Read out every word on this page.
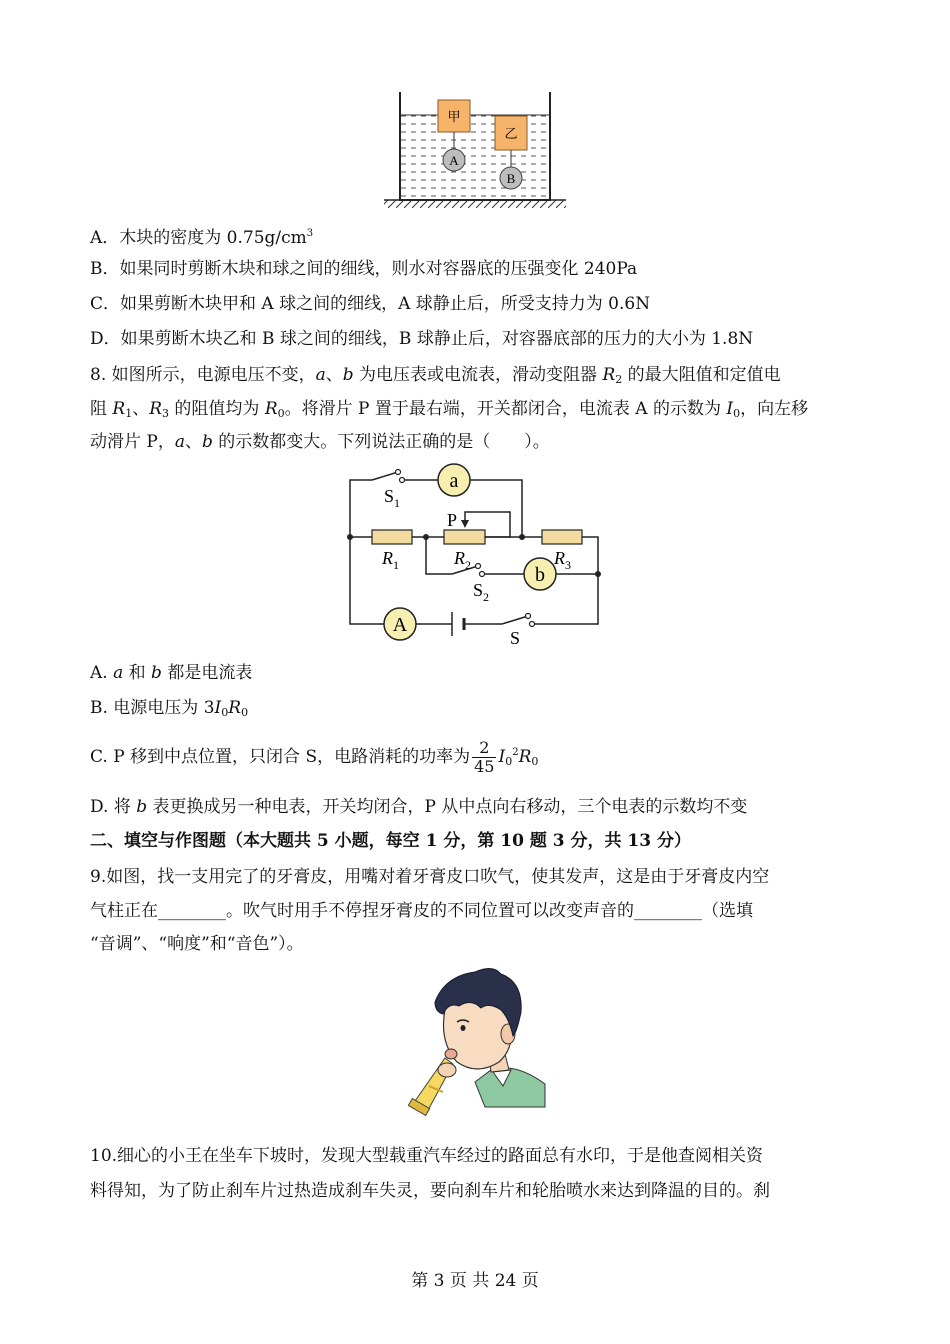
甲
A
乙
B
A．木块的密度为 $0.75g/cm^3$
B．如果同时剪断木块和球之间的细线，则水对容器底的压强变化 240Pa
C．如果剪断木块甲和 A 球之间的细线，A 球静止后，所受支持力为 0.6N
D．如果剪断木块乙和 B 球之间的细线，B 球静止后，对容器底部的压力的大小为 1.8N
8. 如图所示，电源电压不变，a、b 为电压表或电流表，滑动变阻器 $R_2$ 的最大阻值和定值电
阻 $R_1$、$R_3$ 的阻值均为 $R_0$。将滑片 P 置于最右端，开关都闭合，电流表 A 的示数为 $I_0$，向左移
动滑片 P，a、b 的示数都变大。下列说法正确的是（　　）。
a
b
A
$S_1$
P
$R_1$	$R_2$	$R_3$
$S_2$
S
A. a 和 b 都是电流表
B. 电源电压为 $3I_0R_0$
C. P 移到中点位置，只闭合 S，电路消耗的功率为 $\frac{2}{45} I_0^2R_0$
D. 将 b 表更换成另一种电表，开关均闭合，P 从中点向右移动，三个电表的示数均不变
二、填空与作图题（本大题共 5 小题，每空 1 分，第 10 题 3 分，共 13 分）
9.如图，找一支用完了的牙膏皮，用嘴对着牙膏皮口吹气，使其发声，这是由于牙膏皮内空
气柱正在________。吹气时用手不停捏牙膏皮的不同位置可以改变声音的________（选填
“音调”、“响度”和“音色”）。
10.细心的小王在坐车下坡时，发现大型载重汽车经过的路面总有水印，于是他查阅相关资
料得知，为了防止刹车片过热造成刹车失灵，要向刹车片和轮胎喷水来达到降温的目的。刹
第 3 页 共 24 页
